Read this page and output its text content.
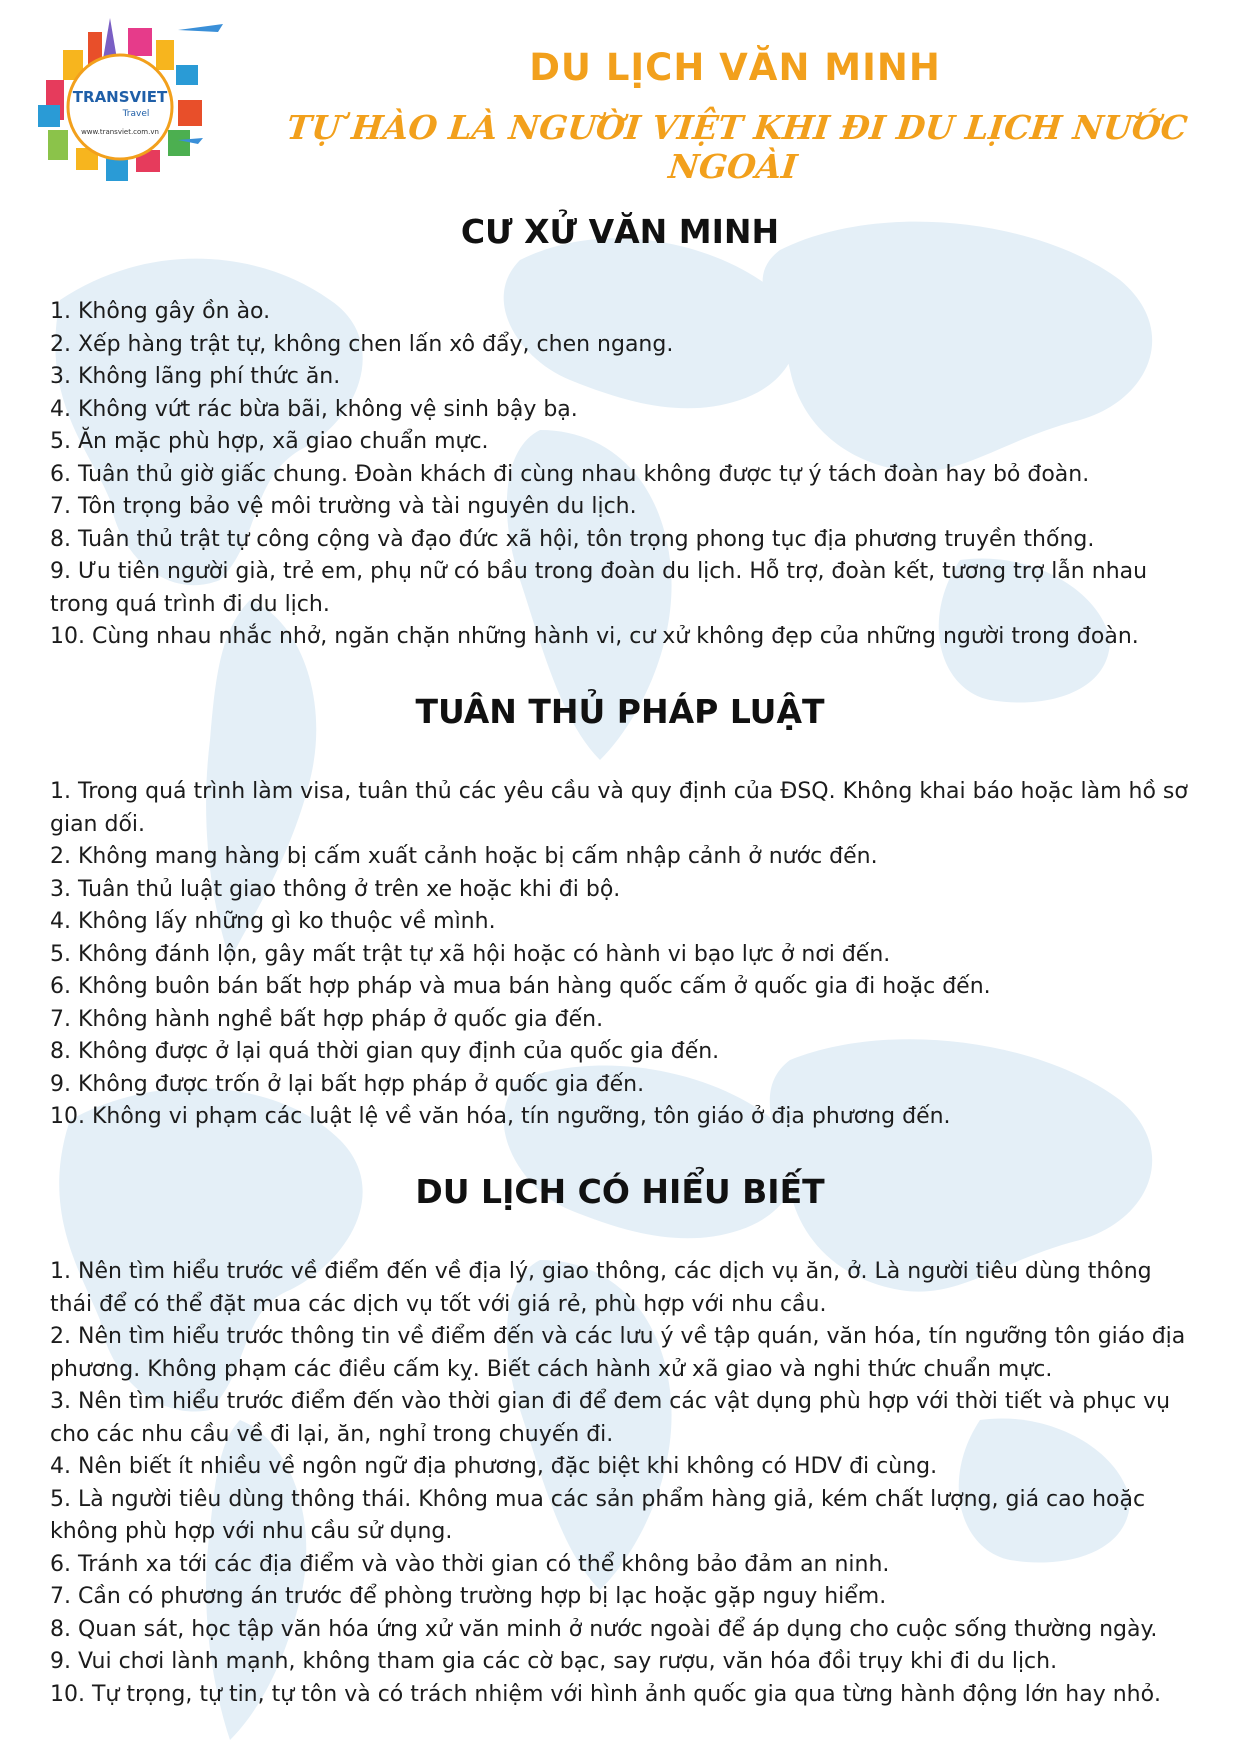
TRANSVIET
Travel
www.transviet.com.vn
DU LỊCH VĂN MINH
TỰ HÀO LÀ NGƯỜI VIỆT KHI ĐI DU LỊCH NƯỚC NGOÀI
CƯ XỬ VĂN MINH
1. Không gây ồn ào.
2. Xếp hàng trật tự, không chen lấn xô đẩy, chen ngang.
3. Không lãng phí thức ăn.
4. Không vứt rác bừa bãi, không vệ sinh bậy bạ.
5. Ăn mặc phù hợp, xã giao chuẩn mực.
6. Tuân thủ giờ giấc chung. Đoàn khách đi cùng nhau không được tự ý tách đoàn hay bỏ đoàn.
7. Tôn trọng bảo vệ môi trường và tài nguyên du lịch.
8. Tuân thủ trật tự công cộng và đạo đức xã hội, tôn trọng phong tục địa phương truyền thống.
9. Ưu tiên người già, trẻ em, phụ nữ có bầu trong đoàn du lịch. Hỗ trợ, đoàn kết, tương trợ lẫn nhau trong quá trình đi du lịch.
10. Cùng nhau nhắc nhở, ngăn chặn những hành vi, cư xử không đẹp của những người trong đoàn.
TUÂN THỦ PHÁP LUẬT
1. Trong quá trình làm visa, tuân thủ các yêu cầu và quy định của ĐSQ. Không khai báo hoặc làm hồ sơ gian dối.
2. Không mang hàng bị cấm xuất cảnh hoặc bị cấm nhập cảnh ở nước đến.
3. Tuân thủ luật giao thông ở trên xe hoặc khi đi bộ.
4. Không lấy những gì ko thuộc về mình.
5. Không đánh lộn, gây mất trật tự xã hội hoặc có hành vi bạo lực ở nơi đến.
6. Không buôn bán bất hợp pháp và mua bán hàng quốc cấm ở quốc gia đi hoặc đến.
7. Không hành nghề bất hợp pháp ở quốc gia đến.
8. Không được ở lại quá thời gian quy định của quốc gia đến.
9. Không được trốn ở lại bất hợp pháp ở quốc gia đến.
10. Không vi phạm các luật lệ về văn hóa, tín ngưỡng, tôn giáo ở địa phương đến.
DU LỊCH CÓ HIỂU BIẾT
1. Nên tìm hiểu trước về điểm đến về địa lý, giao thông, các dịch vụ ăn, ở. Là người tiêu dùng thông thái để có thể đặt mua các dịch vụ tốt với giá rẻ, phù hợp với nhu cầu.
2. Nên tìm hiểu trước thông tin về điểm đến và các lưu ý về tập quán, văn hóa, tín ngưỡng tôn giáo địa phương. Không phạm các điều cấm kỵ. Biết cách hành xử xã giao và nghi thức chuẩn mực.
3. Nên tìm hiểu trước điểm đến vào thời gian đi để đem các vật dụng phù hợp với thời tiết và phục vụ cho các nhu cầu về đi lại, ăn, nghỉ trong chuyến đi.
4. Nên biết ít nhiều về ngôn ngữ địa phương, đặc biệt khi không có HDV đi cùng.
5. Là người tiêu dùng thông thái. Không mua các sản phẩm hàng giả, kém chất lượng, giá cao hoặc không phù hợp với nhu cầu sử dụng.
6. Tránh xa tới các địa điểm và vào thời gian có thể không bảo đảm an ninh.
7. Cần có phương án trước để phòng trường hợp bị lạc hoặc gặp nguy hiểm.
8. Quan sát, học tập văn hóa ứng xử văn minh ở nước ngoài để áp dụng cho cuộc sống thường ngày.
9. Vui chơi lành mạnh, không tham gia các cờ bạc, say rượu, văn hóa đồi trụy khi đi du lịch.
10. Tự trọng, tự tin, tự tôn và có trách nhiệm với hình ảnh quốc gia qua từng hành động lớn hay nhỏ.
